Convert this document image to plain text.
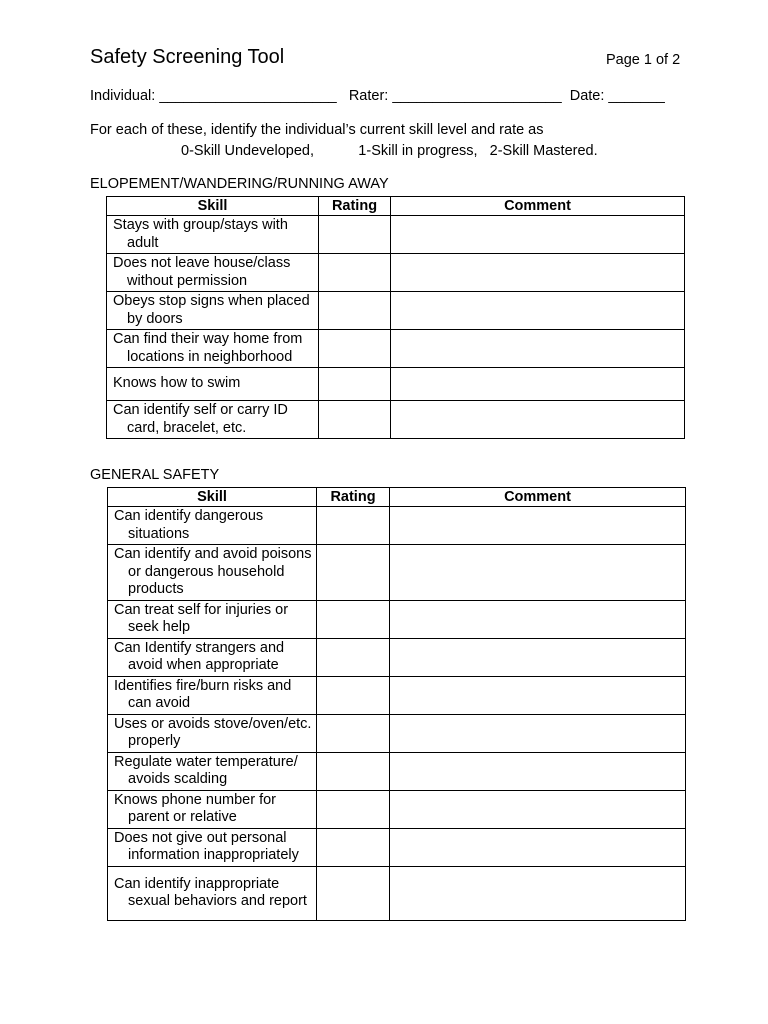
Safety Screening Tool	Page 1 of 2
Individual: ______________________   Rater: _____________________  Date: _______
For each of these, identify the individual’s current skill level and rate as
0-Skill Undeveloped,           1-Skill in progress,   2-Skill Mastered.
ELOPEMENT/WANDERING/RUNNING AWAY
Skill	Rating	Comment

Stays with group/stays with adult		

Does not leave house/class without permission		

Obeys stop signs when placed by doors		

Can find their way home from locations in neighborhood		

Knows how to swim		

Can identify self or carry ID card, bracelet, etc.		

GENERAL SAFETY
Skill	Rating	Comment

Can identify dangerous situations		

Can identify and avoid poisons or dangerous household products		

Can treat self for injuries or seek help		

Can Identify strangers and avoid when appropriate		

Identifies fire/burn risks and can avoid		

Uses or avoids stove/oven/etc. properly		

Regulate water temperature/ avoids scalding		

Knows phone number for parent or relative		

Does not give out personal information inappropriately		

Can identify inappropriate sexual behaviors and report		
